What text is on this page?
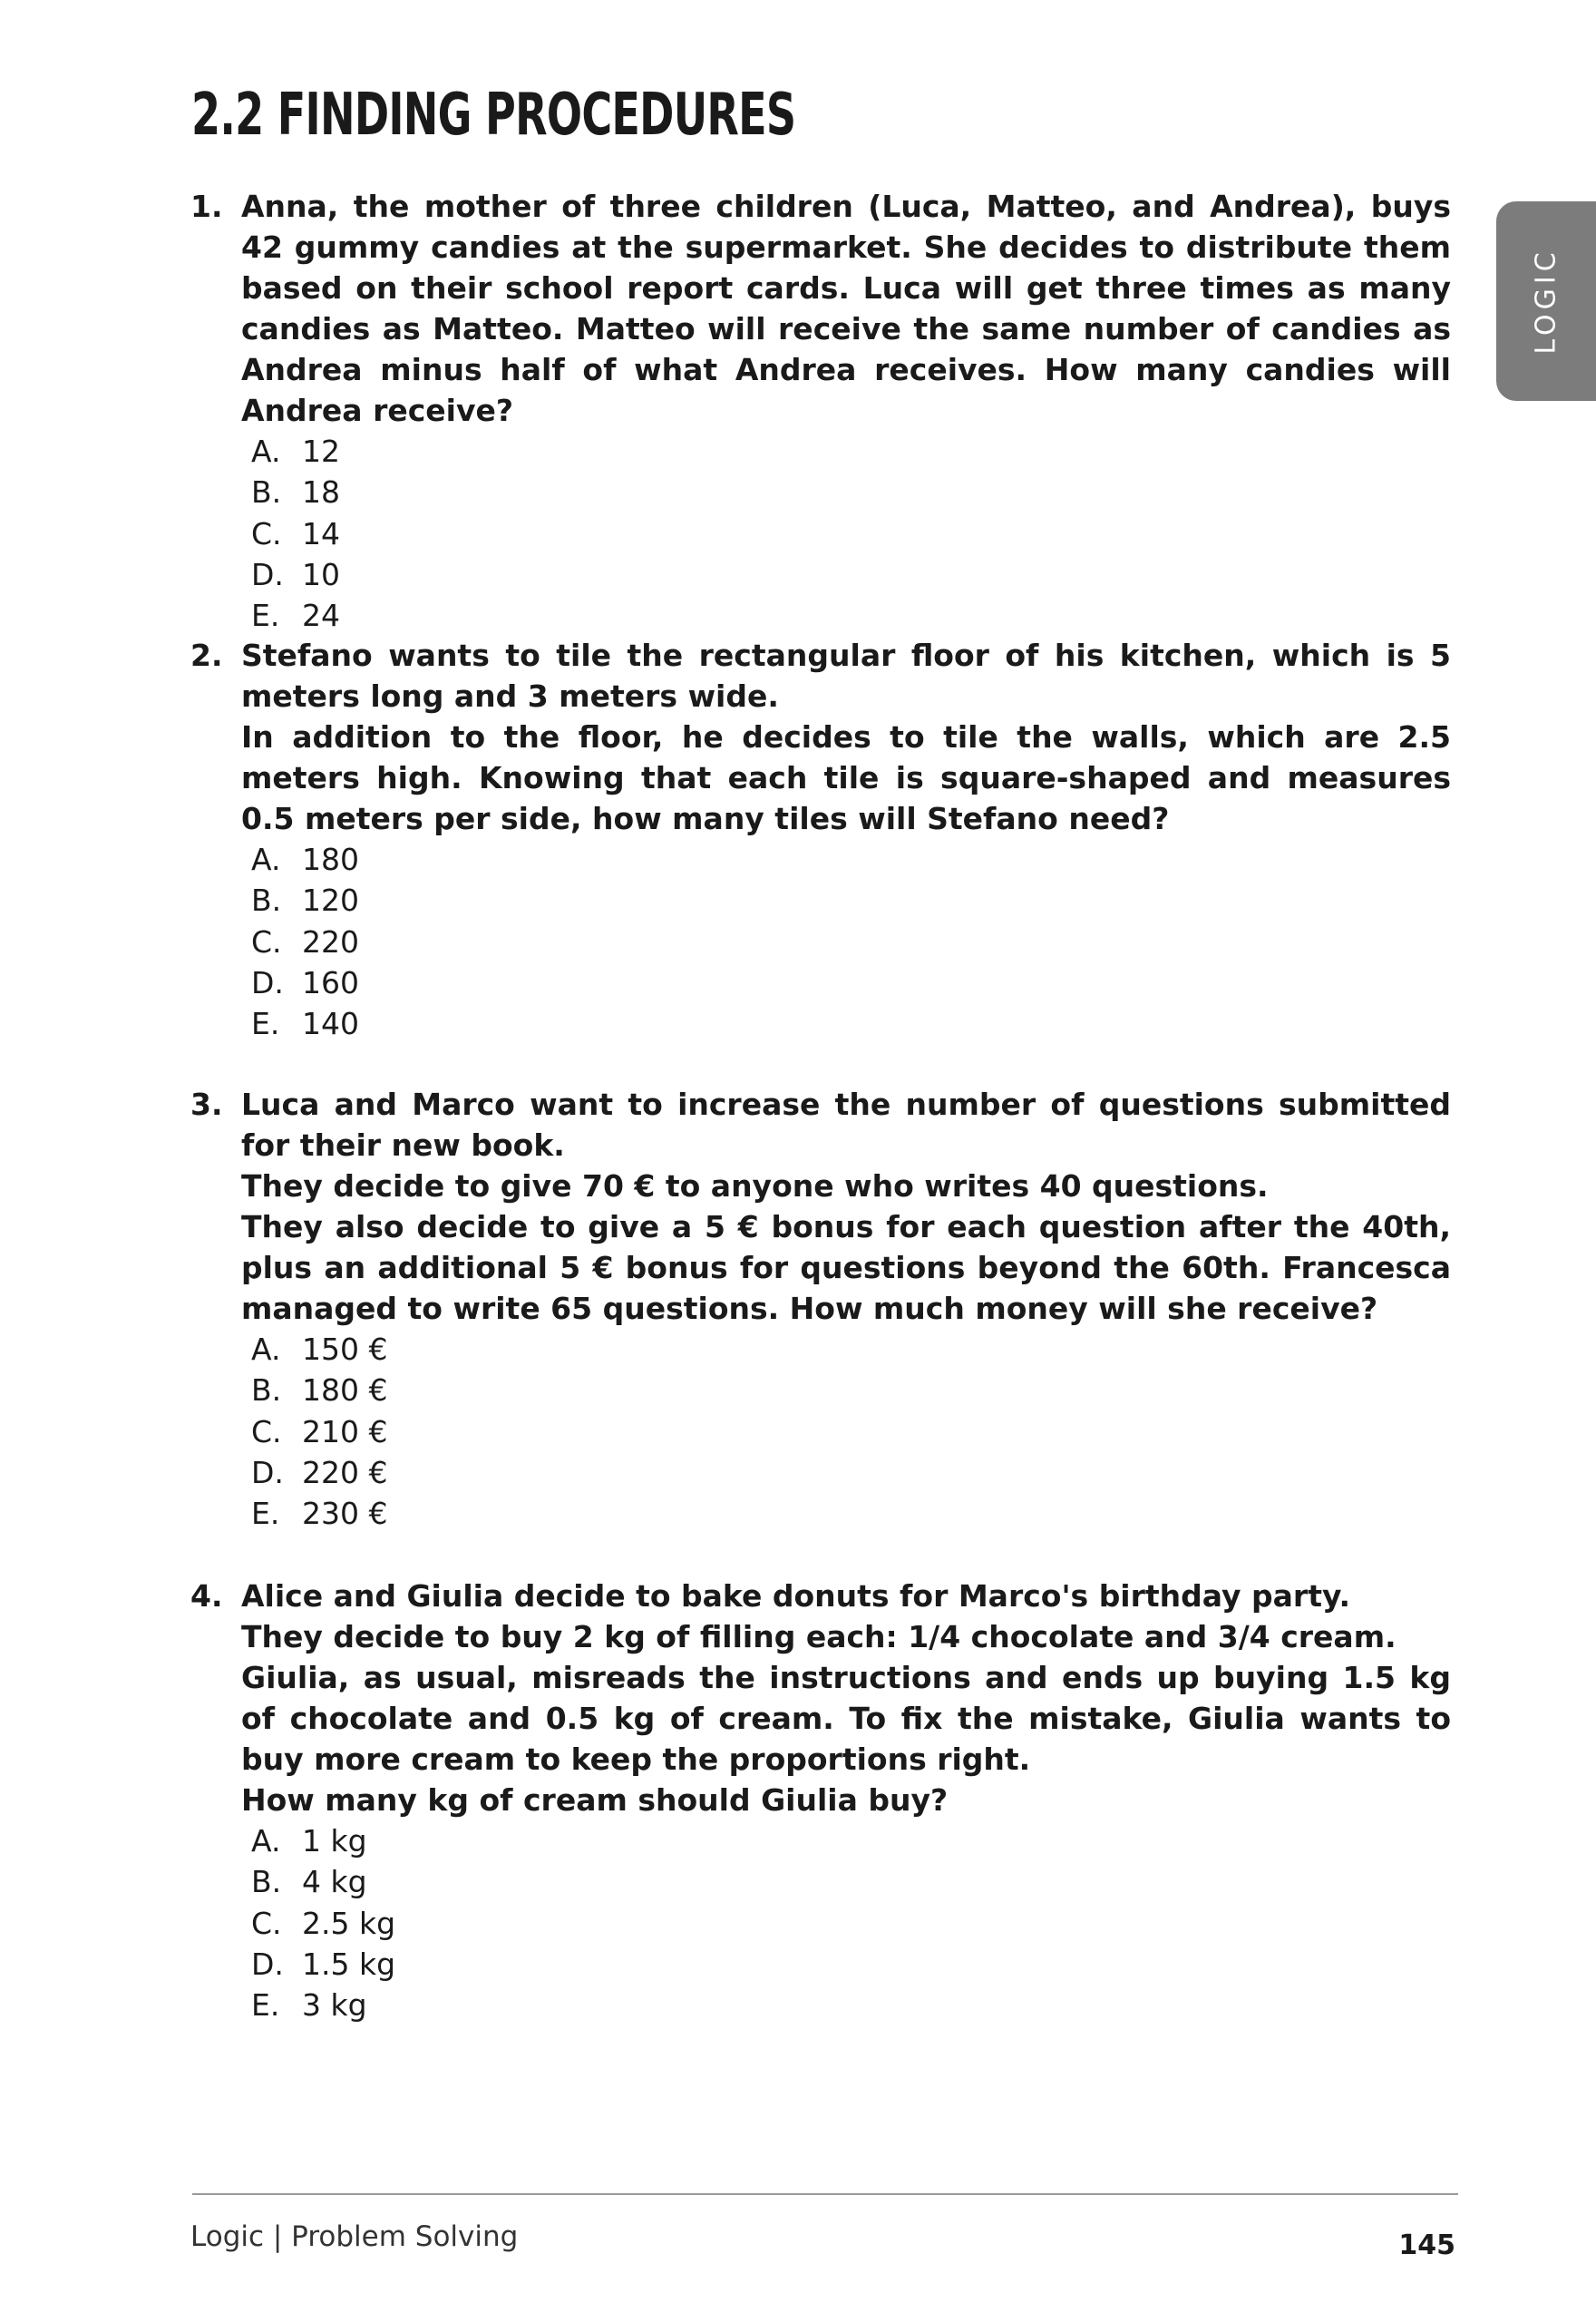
2.2 FINDING PROCEDURES
LOGIC
1. Anna, the mother of three children (Luca, Matteo, and Andrea), buys 42 gummy candies at the supermarket. She decides to distribute them based on their school report cards. Luca will get three times as many candies as Matteo. Matteo will receive the same number of candies as Andrea minus half of what Andrea receives. How many candies will Andrea receive?

A. 12
B. 18
C. 14
D. 10
E. 24
2. Stefano wants to tile the rectangular floor of his kitchen, which is 5 meters long and 3 meters wide.

In addition to the floor, he decides to tile the walls, which are 2.5 meters high. Knowing that each tile is square-shaped and measures 0.5 meters per side, how many tiles will Stefano need?

A. 180
B. 120
C. 220
D. 160
E. 140
3. Luca and Marco want to increase the number of questions submitted for their new book.

They decide to give 70 € to anyone who writes 40 questions.

They also decide to give a 5 € bonus for each question after the 40th, plus an additional 5 € bonus for questions beyond the 60th. Francesca managed to write 65 questions. How much money will she receive?

A. 150 €
B. 180 €
C. 210 €
D. 220 €
E. 230 €
4. Alice and Giulia decide to bake donuts for Marco's birthday party.

They decide to buy 2 kg of filling each: 1/4 chocolate and 3/4 cream.

Giulia, as usual, misreads the instructions and ends up buying 1.5 kg of chocolate and 0.5 kg of cream. To fix the mistake, Giulia wants to buy more cream to keep the proportions right.

How many kg of cream should Giulia buy?

A. 1 kg
B. 4 kg
C. 2.5 kg
D. 1.5 kg
E. 3 kg
Logic | Problem Solving	145
